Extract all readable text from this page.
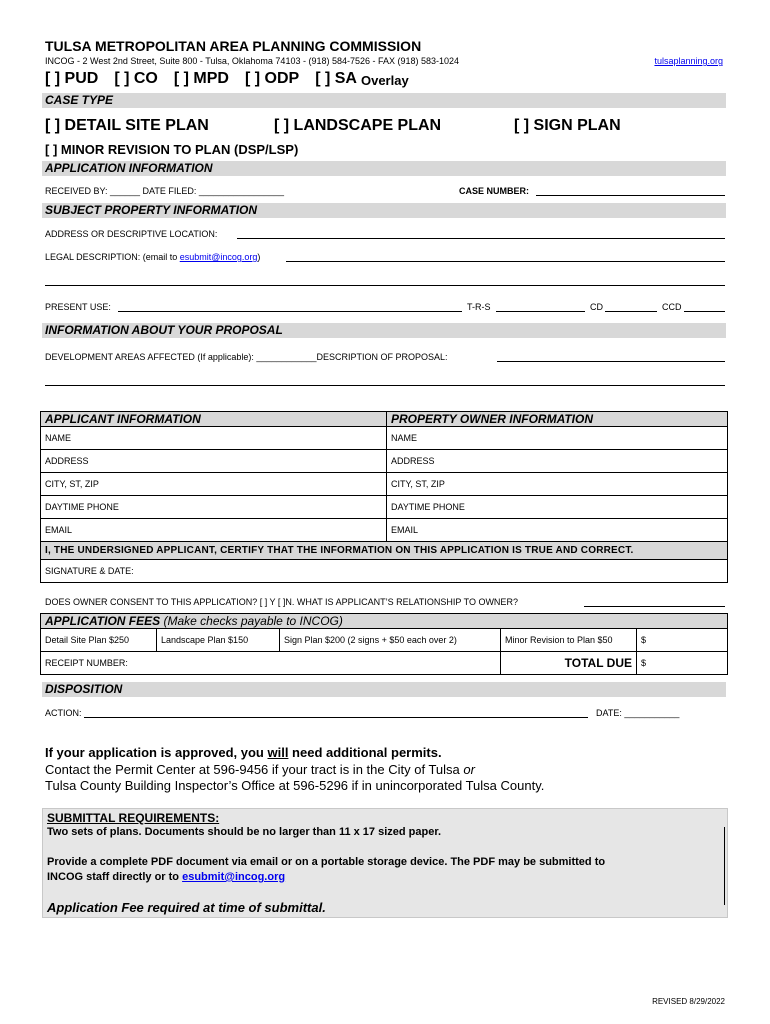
TULSA METROPOLITAN AREA PLANNING COMMISSION
INCOG - 2 West 2nd Street, Suite 800 - Tulsa, Oklahoma 74103 - (918) 584-7526 - FAX (918) 583-1024	tulsaplanning.org
[ ] PUD [ ] CO [ ] MPD [ ] ODP [ ] SA Overlay
CASE TYPE
[ ] DETAIL SITE PLAN	[ ] LANDSCAPE PLAN	[ ] SIGN PLAN
[ ] MINOR REVISION TO PLAN (DSP/LSP)
APPLICATION INFORMATION
RECEIVED BY: ______ DATE FILED: _________________	CASE NUMBER:
SUBJECT PROPERTY INFORMATION
ADDRESS OR DESCRIPTIVE LOCATION:
LEGAL DESCRIPTION: (email to esubmit@incog.org)
PRESENT USE:	T-R-S	CD	CCD
INFORMATION ABOUT YOUR PROPOSAL
DEVELOPMENT AREAS AFFECTED (If applicable): ____________DESCRIPTION OF PROPOSAL:
APPLICANT INFORMATION	PROPERTY OWNER INFORMATION
NAME	NAME
ADDRESS	ADDRESS
CITY, ST, ZIP	CITY, ST, ZIP
DAYTIME PHONE	DAYTIME PHONE
EMAIL	EMAIL
I, THE UNDERSIGNED APPLICANT, CERTIFY THAT THE INFORMATION ON THIS APPLICATION IS TRUE AND CORRECT.	
SIGNATURE & DATE:	
DOES OWNER CONSENT TO THIS APPLICATION? [ ] Y [ ]N. WHAT IS APPLICANT’S RELATIONSHIP TO OWNER?
APPLICATION FEES (Make checks payable to INCOG)				
Detail Site Plan $250	Landscape Plan $150	Sign Plan $200 (2 signs + $50 each over 2)	Minor Revision to Plan $50	$
RECEIPT NUMBER:			TOTAL DUE	$
DISPOSITION
ACTION:	DATE: ___________
If your application is approved, you will need additional permits.
Contact the Permit Center at 596-9456 if your tract is in the City of Tulsa or
Tulsa County Building Inspector’s Office at 596-5296 if in unincorporated Tulsa County.
SUBMITTAL REQUIREMENTS:
Two sets of plans. Documents should be no larger than 11 x 17 sized paper.
Provide a complete PDF document via email or on a portable storage device. The PDF may be submitted to
INCOG staff directly or to esubmit@incog.org
Application Fee required at time of submittal.
REVISED 8/29/2022
